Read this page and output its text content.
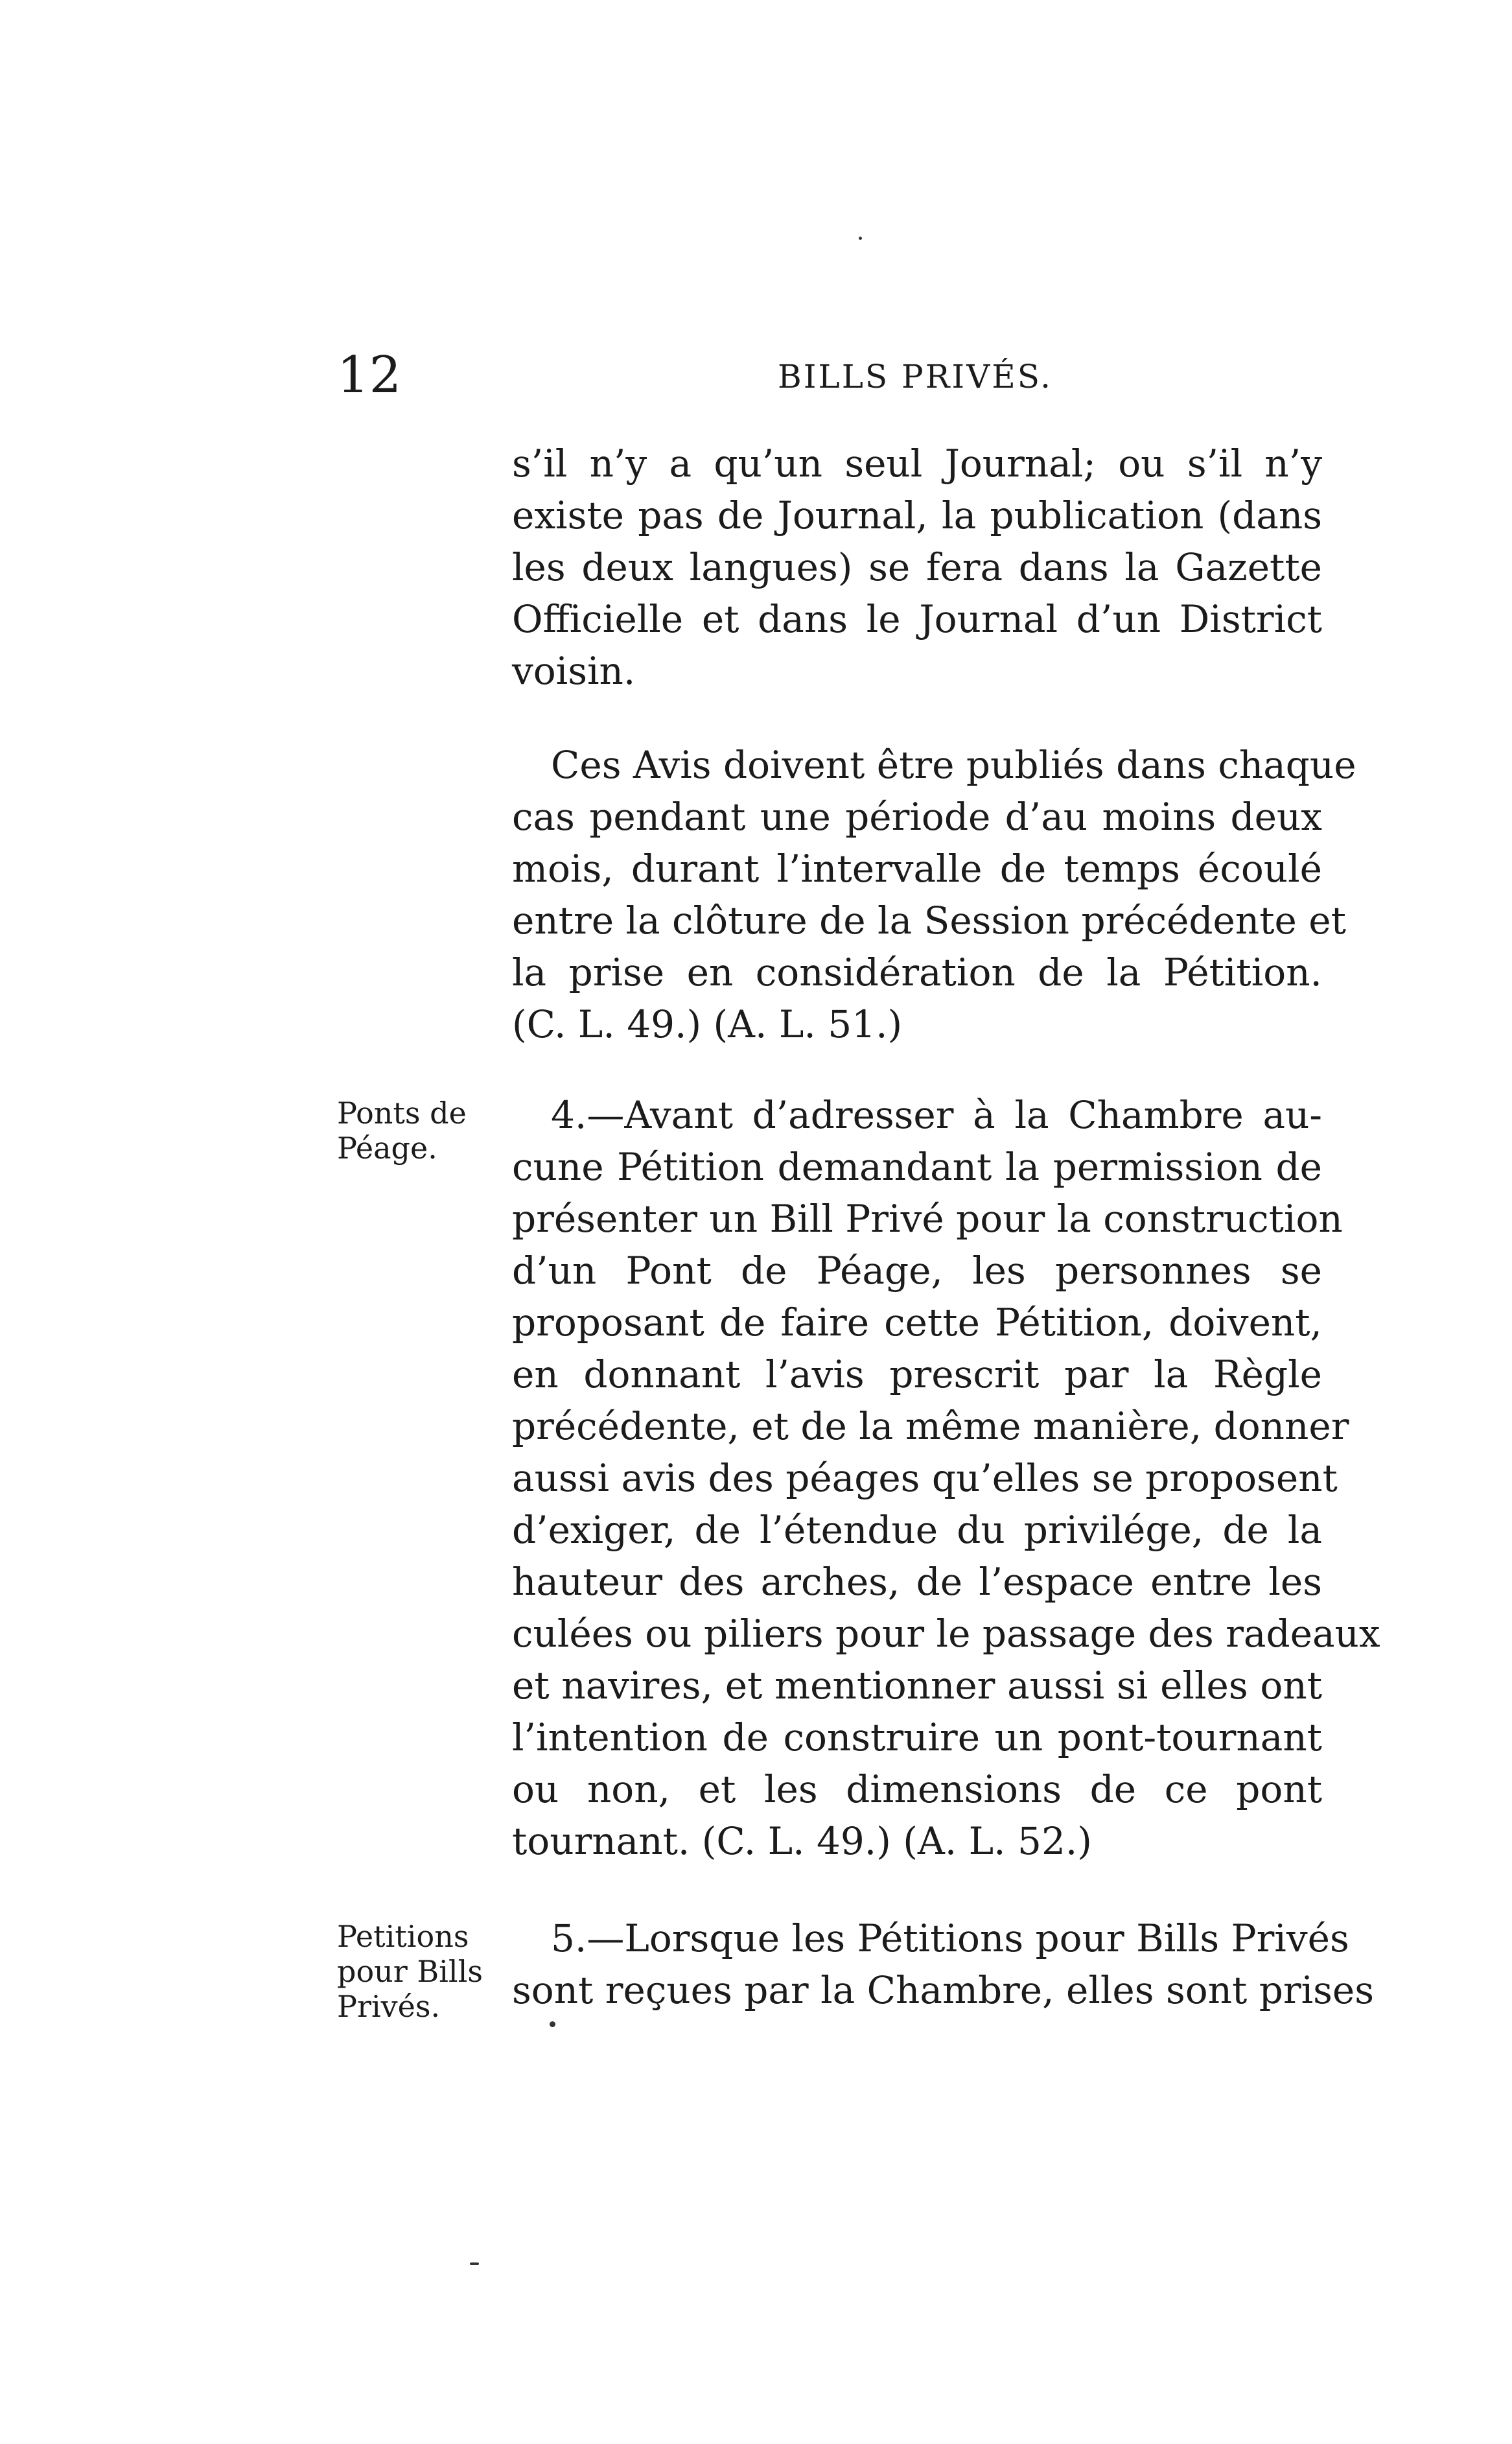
12	BILLS PRIVÉS.
s’il n’y a qu’un seul Journal; ou s’il n’y
existe pas de Journal, la publication (dans
les deux langues) se fera dans la Gazette
Officielle et dans le Journal d’un District
voisin.
Ces Avis doivent être publiés dans chaque
cas pendant une période d’au moins deux
mois, durant l’intervalle de temps écoulé
entre la clôture de la Session précédente et
la prise en considération de la Pétition.
(C. L. 49.) (A. L. 51.)
Ponts de
Péage.
4.—Avant d’adresser à la Chambre au-
cune Pétition demandant la permission de
présenter un Bill Privé pour la construction
d’un Pont de Péage, les personnes se
proposant de faire cette Pétition, doivent,
en donnant l’avis prescrit par la Règle
précédente, et de la même manière, donner
aussi avis des péages qu’elles se proposent
d’exiger, de l’étendue du privilége, de la
hauteur des arches, de l’espace entre les
culées ou piliers pour le passage des radeaux
et navires, et mentionner aussi si elles ont
l’intention de construire un pont-tournant
ou non, et les dimensions de ce pont
tournant. (C. L. 49.) (A. L. 52.)
Petitions
pour Bills
Privés.
5.—Lorsque les Pétitions pour Bills Privés
sont reçues par la Chambre, elles sont prises
